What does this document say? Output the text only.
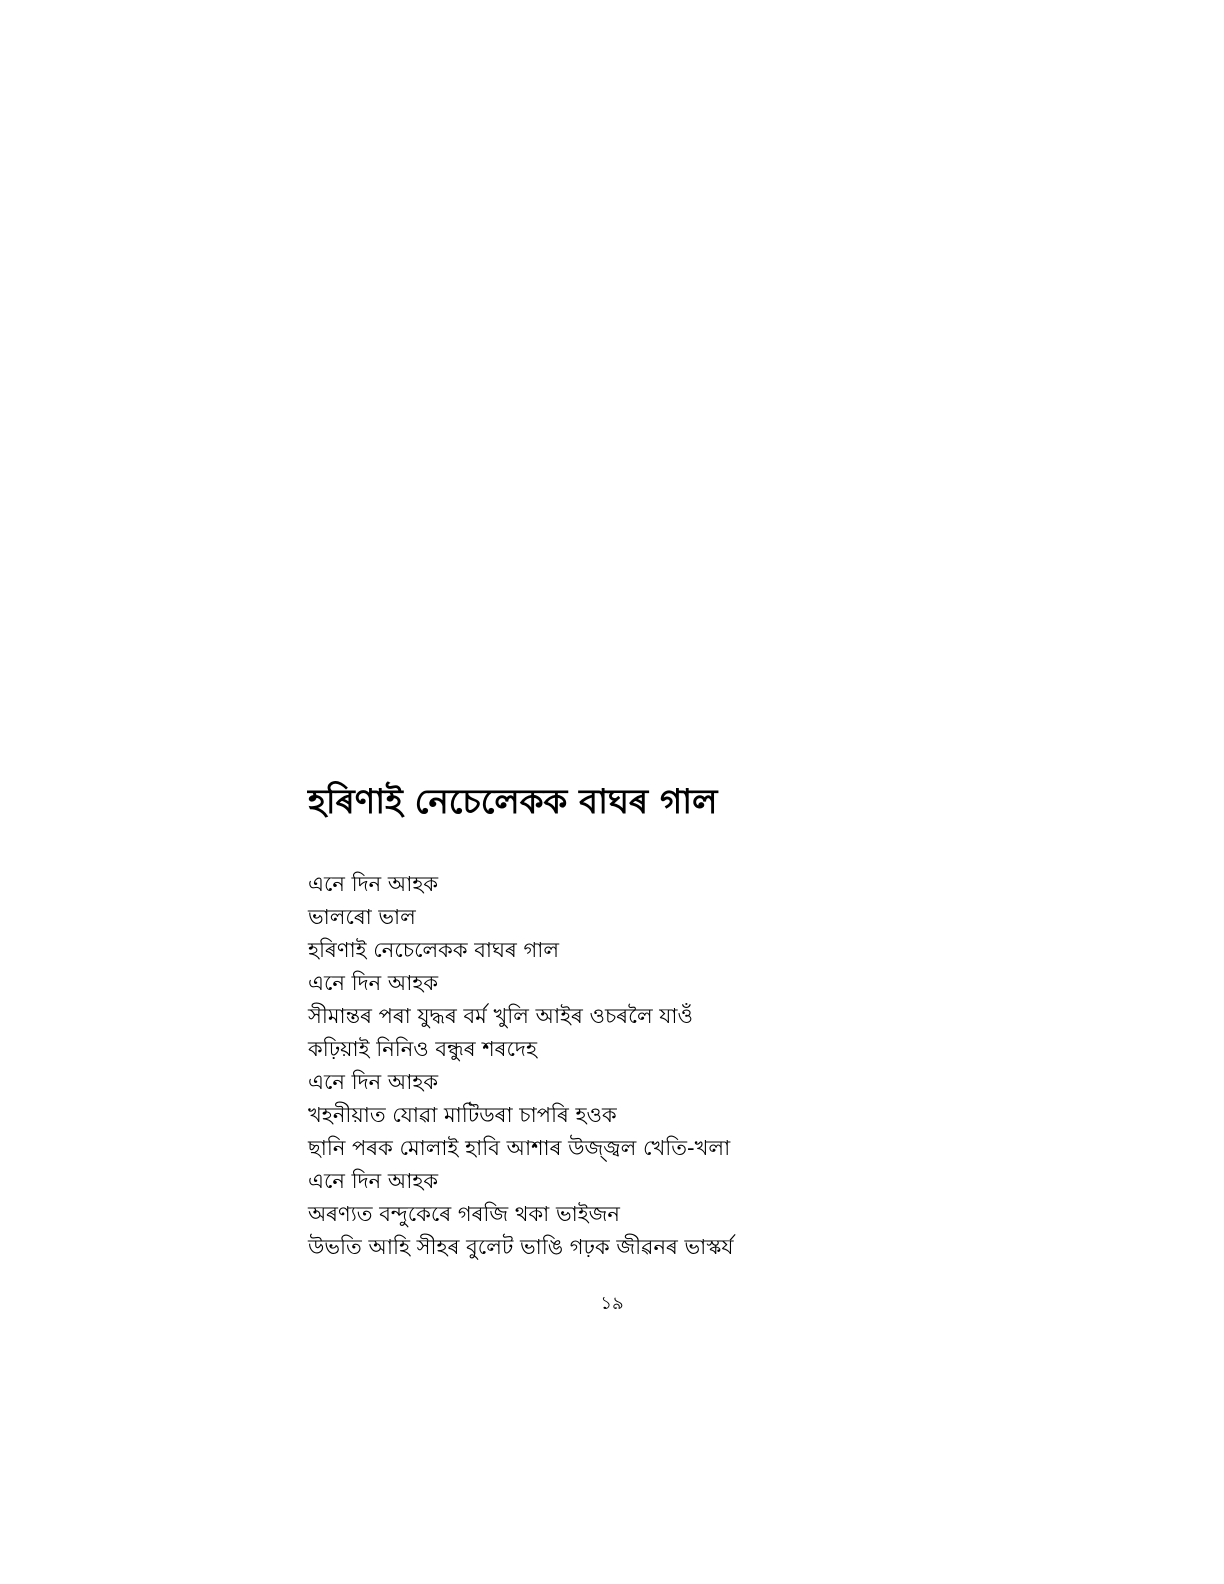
হৰিণাই নেচেলেকক বাঘৰ গাল
এনে দিন আহক
ভালৰো ভাল
হৰিণাই নেচেলেকক বাঘৰ গাল
এনে দিন আহক
সীমান্তৰ পৰা যুদ্ধৰ বৰ্ম খুলি আইৰ ওচৰলৈ যাওঁ
কঢ়িয়াই নিনিও বন্ধুৰ শৰদেহ
এনে দিন আহক
খহনীয়াত যোৱা মাটিডৰা চাপৰি হওক
ছানি পৰক মোলাই হাবি আশাৰ উজ্জ্বল খেতি-খলা
এনে দিন আহক
অৰণ্যত বন্দুকেৰে গৰজি থকা ভাইজন
উভতি আহি সীহৰ বুলেট ভাঙি গঢ়ক জীৱনৰ ভাস্কৰ্য
১৯
